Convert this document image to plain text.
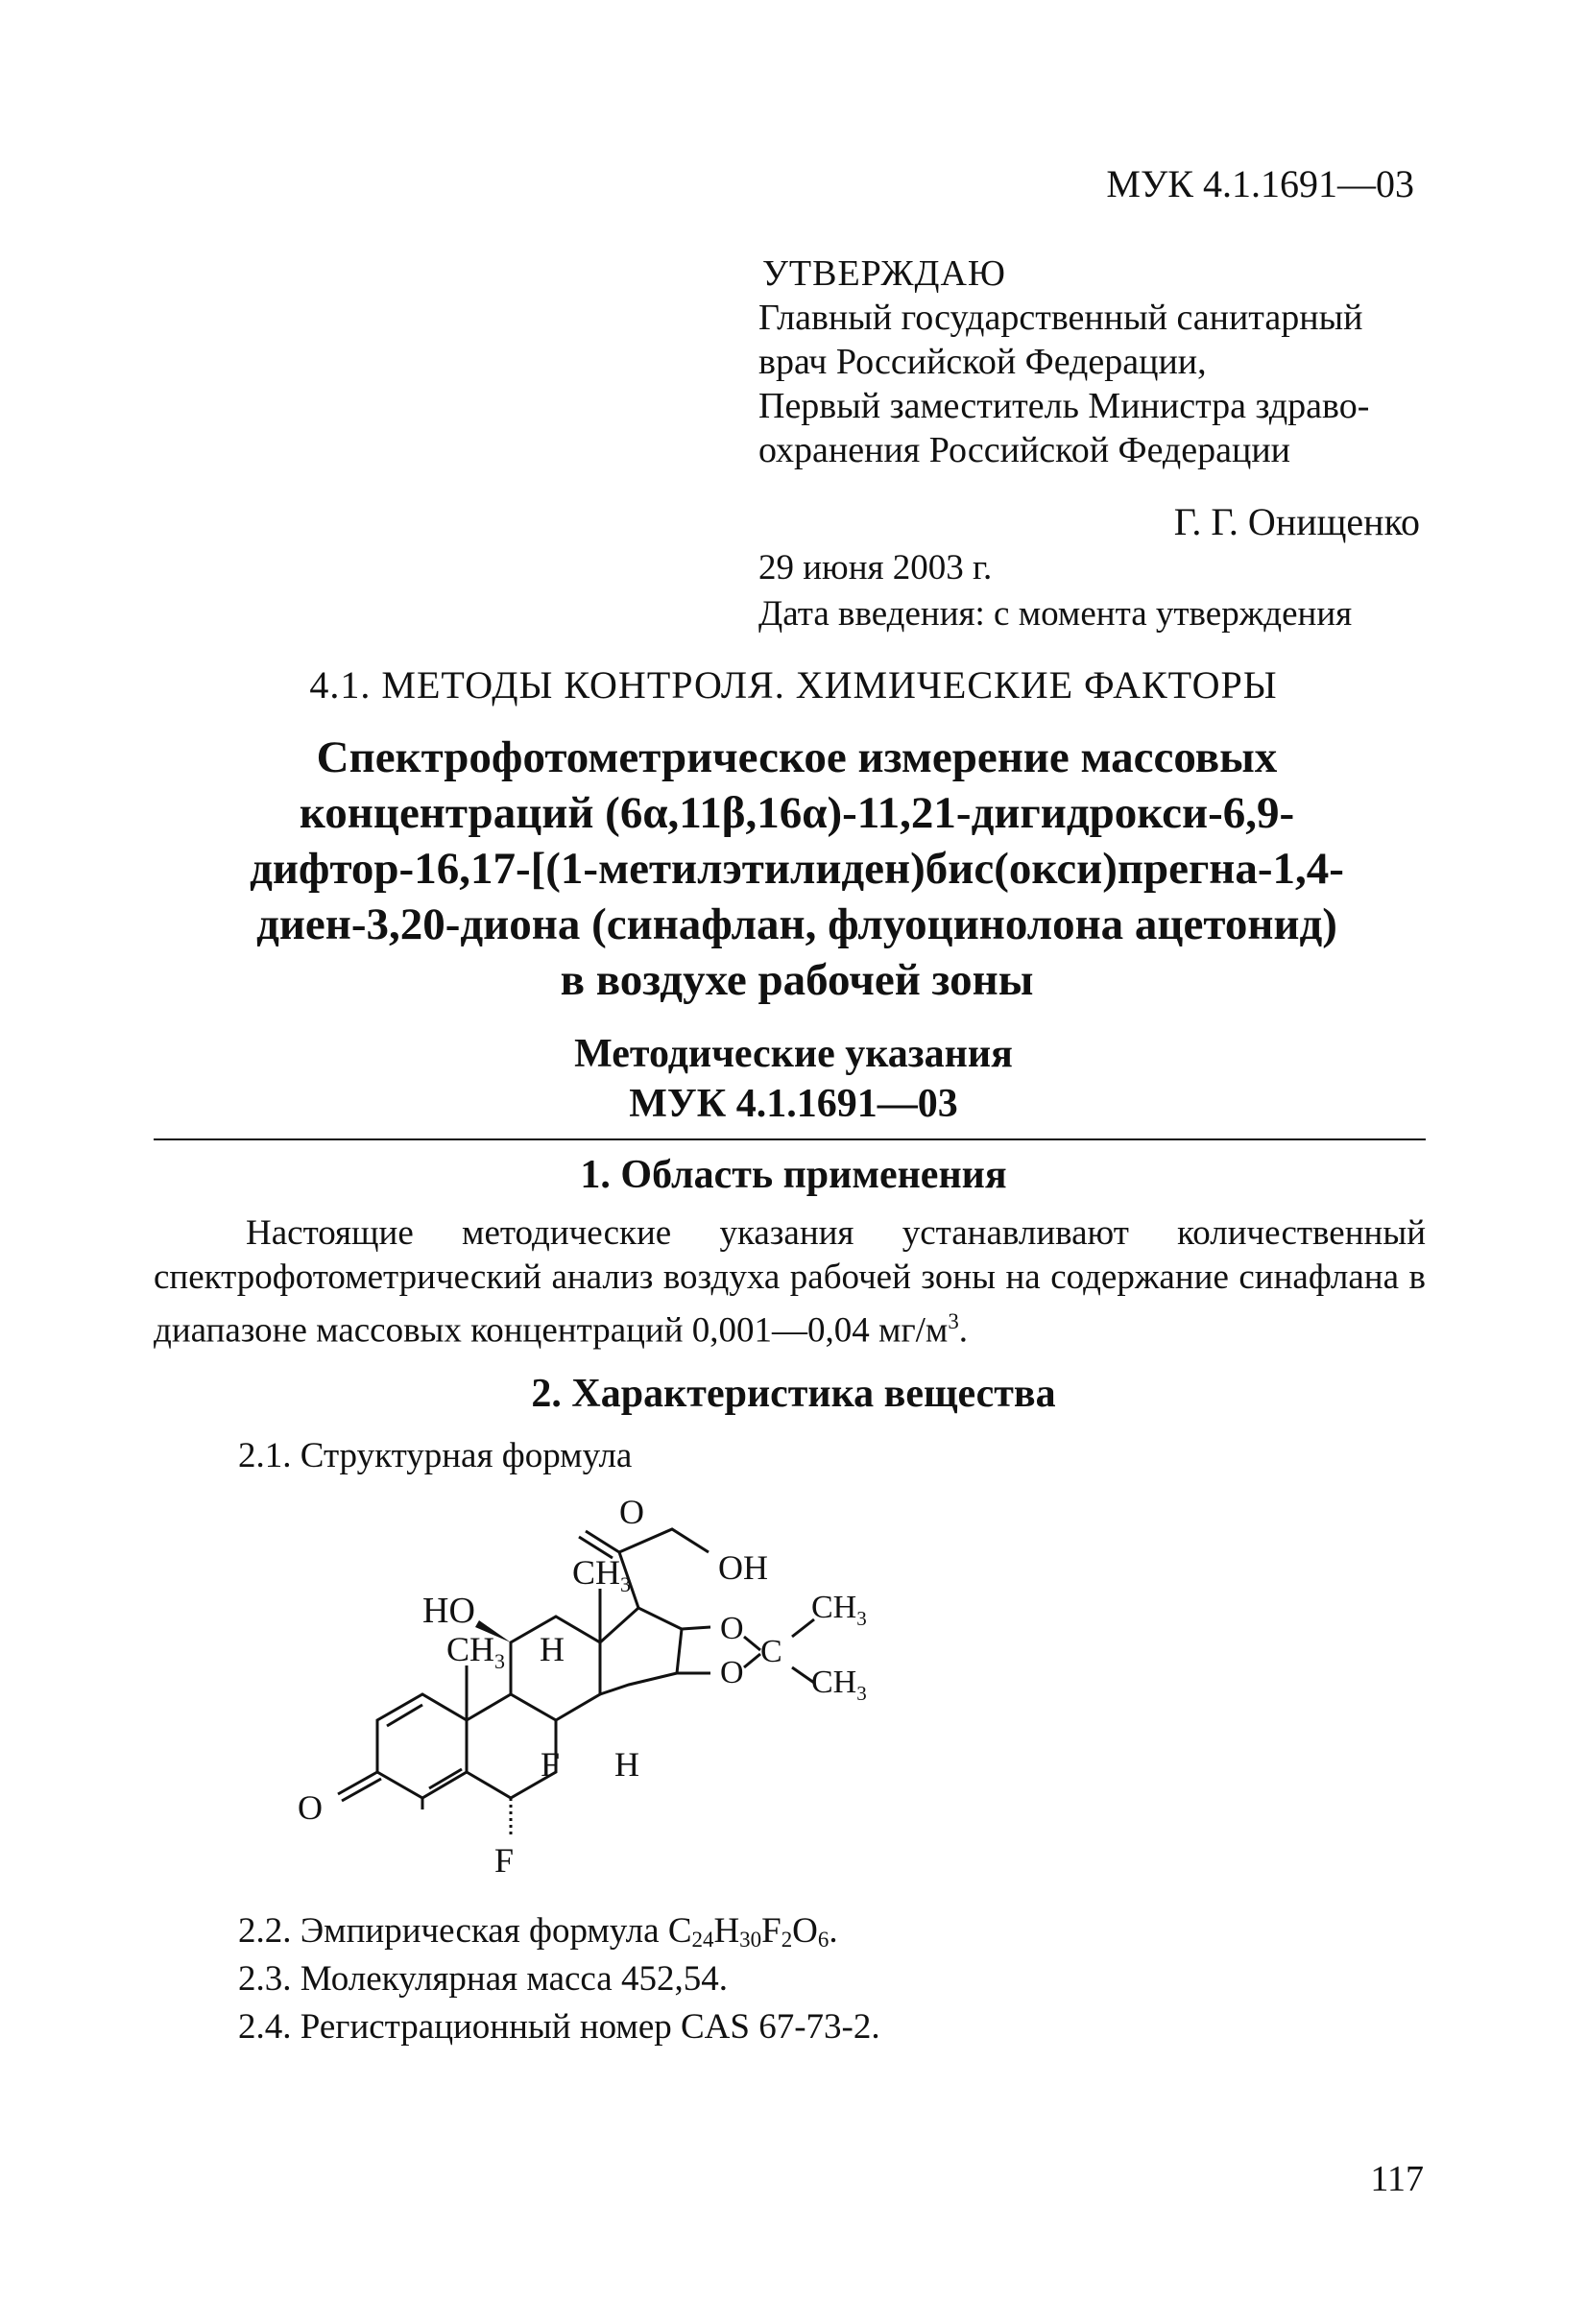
МУК 4.1.1691—03
УТВЕРЖДАЮ
Главный государственный санитарный
врач Российской Федерации,
Первый заместитель Министра здраво-
охранения Российской Федерации
Г. Г. Онищенко
29 июня 2003 г.
Дата введения: с момента утверждения
4.1. МЕТОДЫ КОНТРОЛЯ. ХИМИЧЕСКИЕ ФАКТОРЫ
Спектрофотометрическое измерение массовых
концентраций (6α,11β,16α)-11,21-дигидрокси-6,9-
дифтор-16,17-[(1-метилэтилиден)бис(окси)прегна-1,4-
диен-3,20-диона (синафлан, флуоцинолона ацетонид)
в воздухе рабочей зоны
Методические указания
МУК 4.1.1691—03
1. Область применения

Настоящие методические указания устанавливают количественный спектрофотометрический анализ воздуха рабочей зоны на содержание синафлана в диапазоне массовых концентраций 0,001—0,04 $мг/м^3$.

2. Характеристика вещества
2.1. Структурная формула
HO
$CH_3$
O
OH
$CH_3$ H
F
F H
O
O
O
C
$CH_3$
$CH_3$
2.2. Эмпирическая формула $C_{24}H_{30}F_2O_6$.
2.3. Молекулярная масса 452,54.
2.4. Регистрационный номер CAS 67-73-2.
117
